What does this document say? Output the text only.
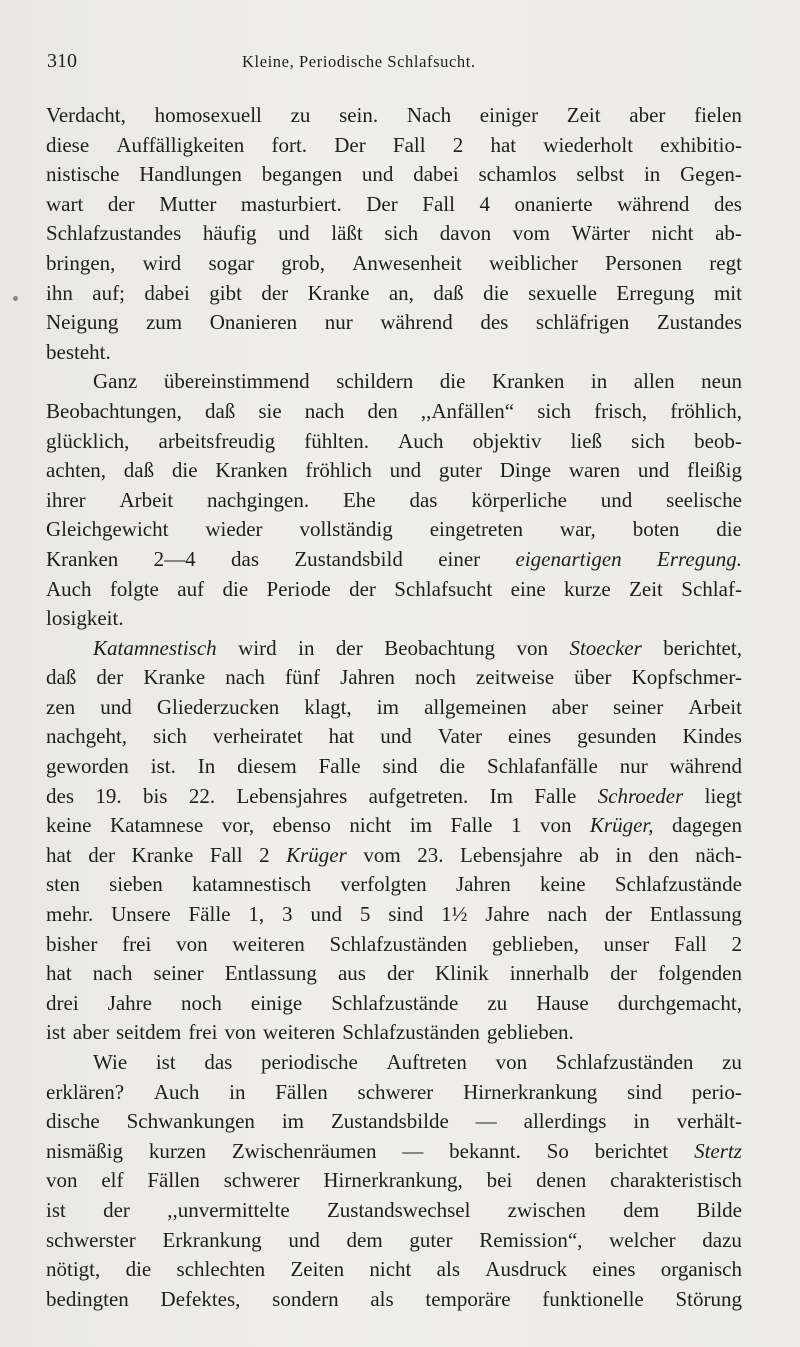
310	Kleine, Periodische Schlafsucht.
Verdacht, homosexuell zu sein. Nach einiger Zeit aber fielen
diese Auffälligkeiten fort. Der Fall 2 hat wiederholt exhibitio-
nistische Handlungen begangen und dabei schamlos selbst in Gegen-
wart der Mutter masturbiert. Der Fall 4 onanierte während des
Schlafzustandes häufig und läßt sich davon vom Wärter nicht ab-
bringen, wird sogar grob, Anwesenheit weiblicher Personen regt
ihn auf; dabei gibt der Kranke an, daß die sexuelle Erregung mit
Neigung zum Onanieren nur während des schläfrigen Zustandes
besteht.
Ganz übereinstimmend schildern die Kranken in allen neun
Beobachtungen, daß sie nach den ,,Anfällen“ sich frisch, fröhlich,
glücklich, arbeitsfreudig fühlten. Auch objektiv ließ sich beob-
achten, daß die Kranken fröhlich und guter Dinge waren und fleißig
ihrer Arbeit nachgingen. Ehe das körperliche und seelische
Gleichgewicht wieder vollständig eingetreten war, boten die
Kranken 2—4 das Zustandsbild einer eigenartigen Erregung.
Auch folgte auf die Periode der Schlafsucht eine kurze Zeit Schlaf-
losigkeit.
Katamnestisch wird in der Beobachtung von Stoecker berichtet,
daß der Kranke nach fünf Jahren noch zeitweise über Kopfschmer-
zen und Gliederzucken klagt, im allgemeinen aber seiner Arbeit
nachgeht, sich verheiratet hat und Vater eines gesunden Kindes
geworden ist. In diesem Falle sind die Schlafanfälle nur während
des 19. bis 22. Lebensjahres aufgetreten. Im Falle Schroeder liegt
keine Katamnese vor, ebenso nicht im Falle 1 von Krüger, dagegen
hat der Kranke Fall 2 Krüger vom 23. Lebensjahre ab in den näch-
sten sieben katamnestisch verfolgten Jahren keine Schlafzustände
mehr. Unsere Fälle 1, 3 und 5 sind 1½ Jahre nach der Entlassung
bisher frei von weiteren Schlafzuständen geblieben, unser Fall 2
hat nach seiner Entlassung aus der Klinik innerhalb der folgenden
drei Jahre noch einige Schlafzustände zu Hause durchgemacht,
ist aber seitdem frei von weiteren Schlafzuständen geblieben.
Wie ist das periodische Auftreten von Schlafzuständen zu
erklären? Auch in Fällen schwerer Hirnerkrankung sind perio-
dische Schwankungen im Zustandsbilde — allerdings in verhält-
nismäßig kurzen Zwischenräumen — bekannt. So berichtet Stertz
von elf Fällen schwerer Hirnerkrankung, bei denen charakteristisch
ist der ,,unvermittelte Zustandswechsel zwischen dem Bilde
schwerster Erkrankung und dem guter Remission“, welcher dazu
nötigt, die schlechten Zeiten nicht als Ausdruck eines organisch
bedingten Defektes, sondern als temporäre funktionelle Störung
